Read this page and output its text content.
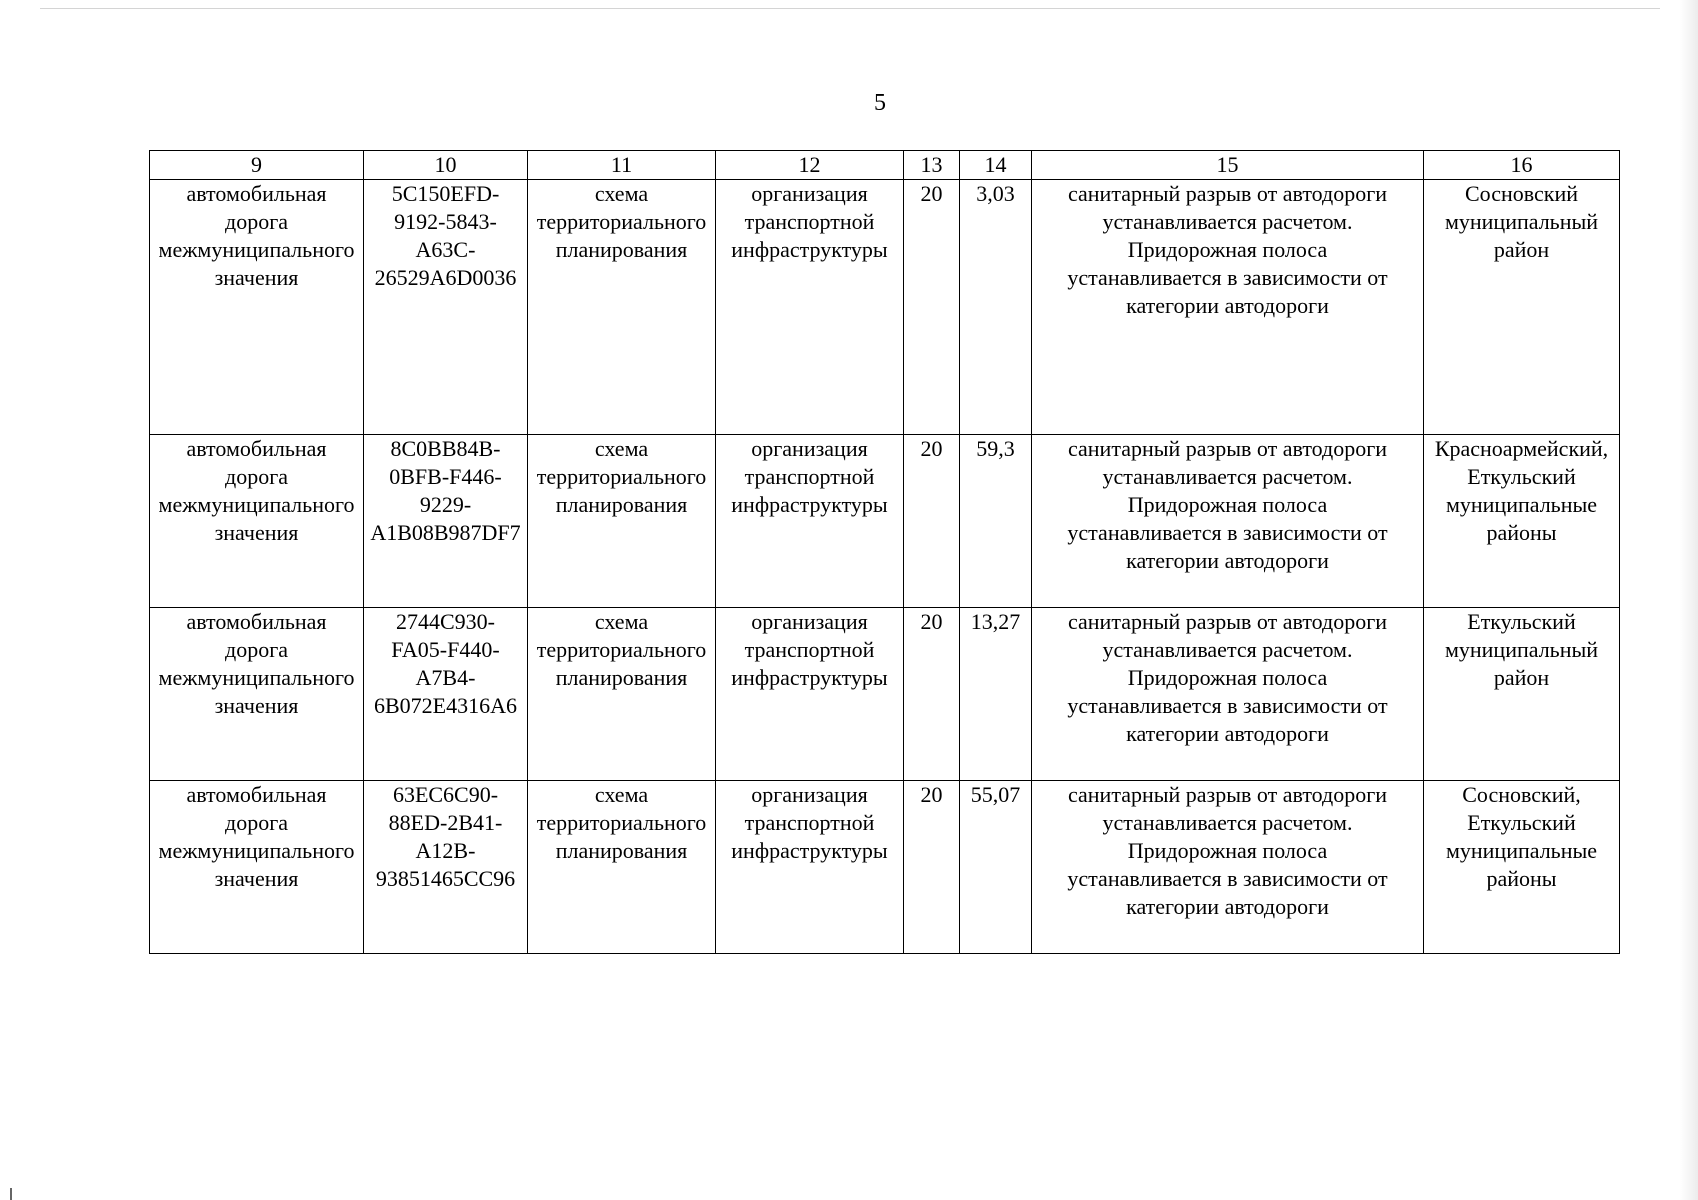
5
9	10	11	12	13	14	15	16
автомобильная
дорога
межмуниципального
значения	5C150EFD-
9192-5843-
A63C-
26529A6D0036	схема
территориального
планирования	организация
транспортной
инфраструктуры	20	3,03	санитарный разрыв от автодороги
устанавливается расчетом.
Придорожная полоса
устанавливается в зависимости от
категории автодороги	Сосновский
муниципальный
район
автомобильная
дорога
межмуниципального
значения	8C0BB84B-
0BFB-F446-
9229-
A1B08B987DF7	схема
территориального
планирования	организация
транспортной
инфраструктуры	20	59,3	санитарный разрыв от автодороги
устанавливается расчетом.
Придорожная полоса
устанавливается в зависимости от
категории автодороги	Красноармейский,
Еткульский
муниципальные
районы
автомобильная
дорога
межмуниципального
значения	2744C930-
FA05-F440-
A7B4-
6B072E4316A6	схема
территориального
планирования	организация
транспортной
инфраструктуры	20	13,27	санитарный разрыв от автодороги
устанавливается расчетом.
Придорожная полоса
устанавливается в зависимости от
категории автодороги	Еткульский
муниципальный
район
автомобильная
дорога
межмуниципального
значения	63EC6C90-
88ED-2B41-
A12B-
93851465CC96	схема
территориального
планирования	организация
транспортной
инфраструктуры	20	55,07	санитарный разрыв от автодороги
устанавливается расчетом.
Придорожная полоса
устанавливается в зависимости от
категории автодороги	Сосновский,
Еткульский
муниципальные
районы
